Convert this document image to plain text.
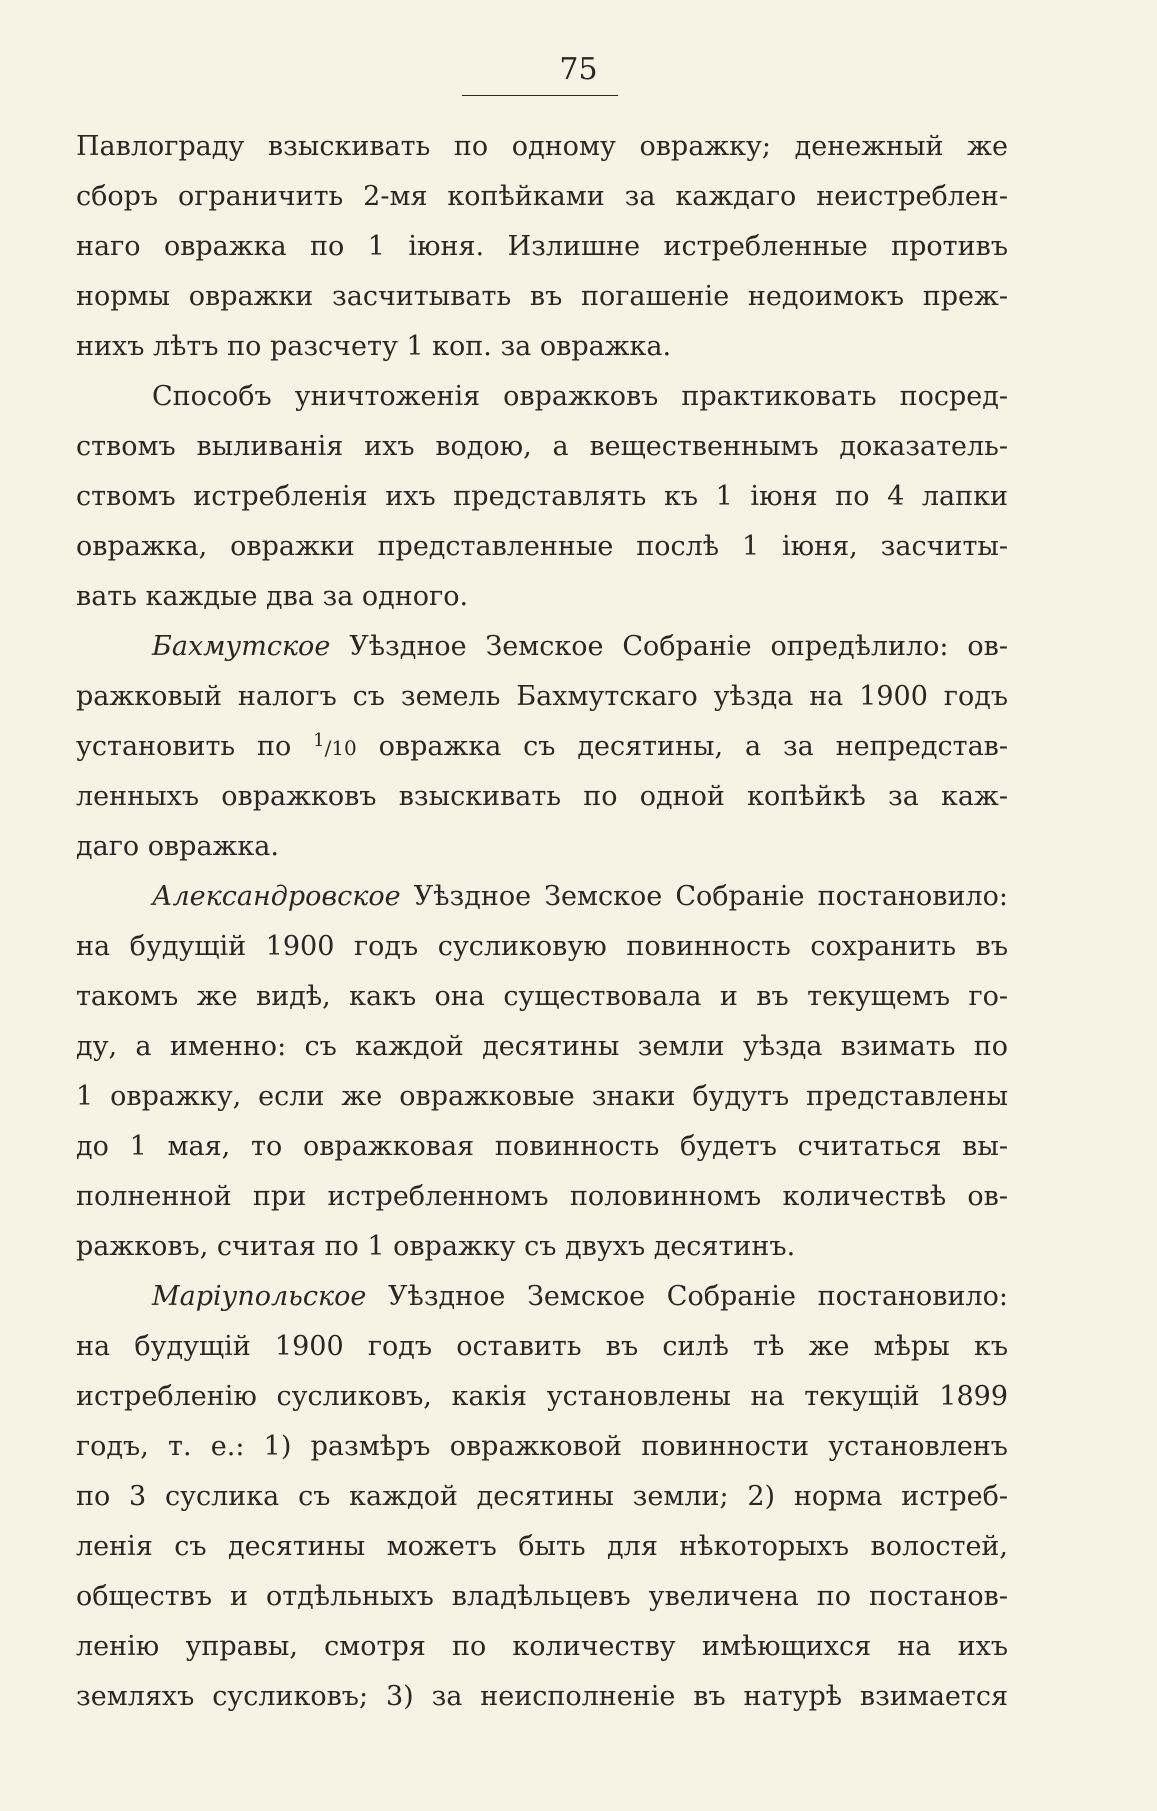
75

Павлограду взыскивать по одному овражку; денежный же
сборъ ограничить 2-мя копѣйками за каждаго неистреблен-
наго овражка по 1 іюня. Излишне истребленные противъ
нормы овражки засчитывать въ погашеніе недоимокъ преж-
нихъ лѣтъ по разсчету 1 коп. за овражка.
Способъ уничтоженія овражковъ практиковать посред-
ствомъ выливанія ихъ водою, а вещественнымъ доказатель-
ствомъ истребленія ихъ представлять къ 1 іюня по 4 лапки
овражка, овражки представленные послѣ 1 іюня, засчиты-
вать каждые два за одного.
Бахмутское Уѣздное Земское Собраніе опредѣлило: ов-
ражковый налогъ съ земель Бахмутскаго уѣзда на 1900 годъ
установить по $^1$/10 овражка съ десятины, а за непредстав-
ленныхъ овражковъ взыскивать по одной копѣйкѣ за каж-
даго овражка.
Александровское Уѣздное Земское Собраніе постановило:
на будущій 1900 годъ сусликовую повинность сохранить въ
такомъ же видѣ, какъ она существовала и въ текущемъ го-
ду, а именно: съ каждой десятины земли уѣзда взимать по
1 овражку, если же овражковые знаки будутъ представлены
до 1 мая, то овражковая повинность будетъ считаться вы-
полненной при истребленномъ половинномъ количествѣ ов-
ражковъ, считая по 1 овражку съ двухъ десятинъ.
Маріупольское Уѣздное Земское Собраніе постановило:
на будущій 1900 годъ оставить въ силѣ тѣ же мѣры къ
истребленію сусликовъ, какія установлены на текущій 1899
годъ, т. е.: 1) размѣръ овражковой повинности установленъ
по 3 суслика съ каждой десятины земли; 2) норма истреб-
ленія съ десятины можетъ быть для нѣкоторыхъ волостей,
обществъ и отдѣльныхъ владѣльцевъ увеличена по постанов-
ленію управы, смотря по количеству имѣющихся на ихъ
земляхъ сусликовъ; 3) за неисполненіе въ натурѣ взимается
